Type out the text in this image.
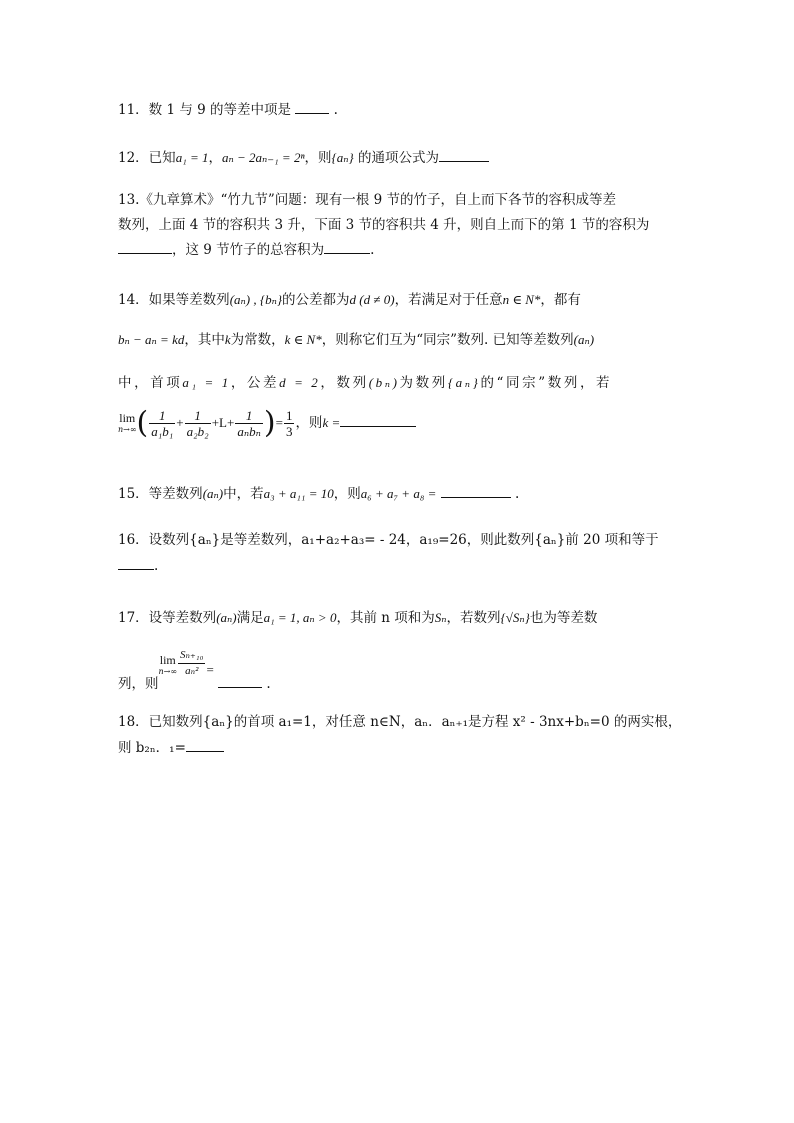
11．数 1 与 9 的等差中项是	.
12．已知a₁ = 1，aₙ − 2aₙ₋₁ = 2ⁿ，则{aₙ} 的通项公式为
13.《九章算术》“竹九节”问题：现有一根 9 节的竹子，自上而下各节的容积成等差
数列，上面 4 节的容积共 3 升，下面 3 节的容积共 4 升，则自上而下的第 1 节的容积为
，这 9 节竹子的总容积为	.
14．如果等差数列(aₙ) , {bₙ}的公差都为d (d ≠ 0)，若满足对于任意n ∈ N*，都有
bₙ − aₙ = kd，其中k为常数，k ∈ N*，则称它们互为“同宗”数列. 已知等差数列(aₙ)
中，首项a₁ = 1，公差d = 2，数列(bₙ)为数列{aₙ}的“同宗”数列，若
lim
n→∞ ( $\frac{1}{\text{a₁b₁}} + \frac{1}{\text{a₂b₂}} +L+ \frac{1}{\text{aₙbₙ}}$ )= $\frac{1}{3}$ ，则k =
15．等差数列(aₙ)中，若a₃ + a₁₁ = 10，则a₆ + a₇ + a₈ =	.
16．设数列{aₙ}是等差数列，a₁+a₂+a₃= - 24，a₁₉=26，则此数列{aₙ}前 20 项和等于
.
17．设等差数列(aₙ)满足a₁ = 1, aₙ > 0，其前 n 项和为Sₙ，若数列{√Sₙ}也为等差数
列，则
lim
$n\to\infty \frac{\text{Sₙ₊₁₀}}{\text{aₙ²}}$ =  .
18．已知数列{aₙ}的首项 a₁=1，对任意 n∈N，aₙ．aₙ₊₁是方程 x² - 3nx+bₙ=0 的两实根，
则 b₂ₙ．₁=
